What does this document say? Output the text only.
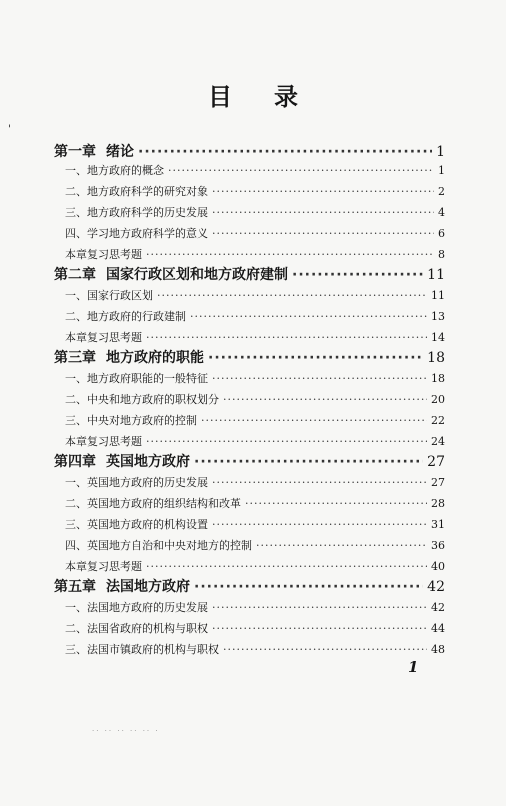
'
目 录
第一章 绪论 ·····	1
一、地方政府的概念 ·····	1
二、地方政府科学的研究对象 ·····	2
三、地方政府科学的历史发展 ·····	4
四、学习地方政府科学的意义 ·····	6
本章复习思考题 ·····	8
第二章 国家行政区划和地方政府建制 ·····	11
一、国家行政区划 ·····	11
二、地方政府的行政建制 ·····	13
本章复习思考题 ·····	14
第三章 地方政府的职能 ·····	18
一、地方政府职能的一般特征 ·····	18
二、中央和地方政府的职权划分 ·····	20
三、中央对地方政府的控制 ·····	22
本章复习思考题 ·····	24
第四章 英国地方政府 ·····	27
一、英国地方政府的历史发展 ·····	27
二、英国地方政府的组织结构和改革 ·····	28
三、英国地方政府的机构设置 ·····	31
四、英国地方自治和中央对地方的控制 ·····	36
本章复习思考题 ·····	40
第五章 法国地方政府 ·····	42
一、法国地方政府的历史发展 ·····	42
二、法国省政府的机构与职权 ·····	44
三、法国市镇政府的机构与职权 ·····	48
1
·· ·· ·· ·· ·· ·
